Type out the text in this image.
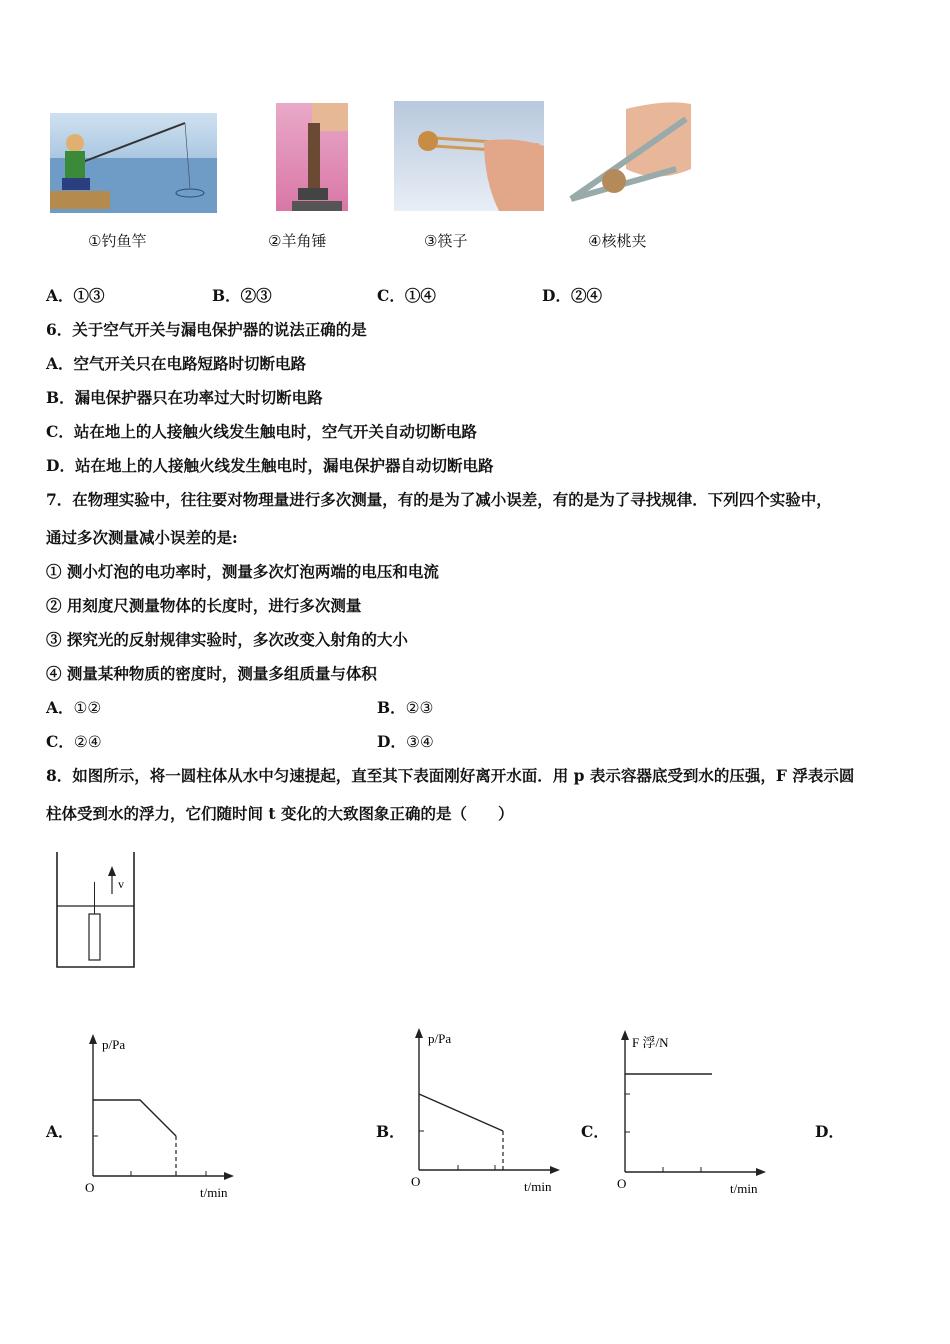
①钓鱼竿	②羊角锤	③筷子	④核桃夹
A．①③	B．②③	C．①④	D．②④
6．关于空气开关与漏电保护器的说法正确的是
A．空气开关只在电路短路时切断电路
B．漏电保护器只在功率过大时切断电路
C．站在地上的人接触火线发生触电时，空气开关自动切断电路
D．站在地上的人接触火线发生触电时，漏电保护器自动切断电路
7．在物理实验中，往往要对物理量进行多次测量，有的是为了减小误差，有的是为了寻找规律．下列四个实验中，
通过多次测量减小误差的是:
① 测小灯泡的电功率时，测量多次灯泡两端的电压和电流
② 用刻度尺测量物体的长度时，进行多次测量
③ 探究光的反射规律实验时，多次改变入射角的大小
④ 测量某种物质的密度时，测量多组质量与体积
A．①②	B．②③
C．②④	D．③④
8．如图所示，将一圆柱体从水中匀速提起，直至其下表面刚好离开水面．用 p 表示容器底受到水的压强，F 浮表示圆
柱体受到水的浮力，它们随时间 t 变化的大致图象正确的是（　　）
v
A．	B．	C．	D．
p/Pa
t/min
O
p/Pa
t/min
O
F 浮/N
t/min
O
